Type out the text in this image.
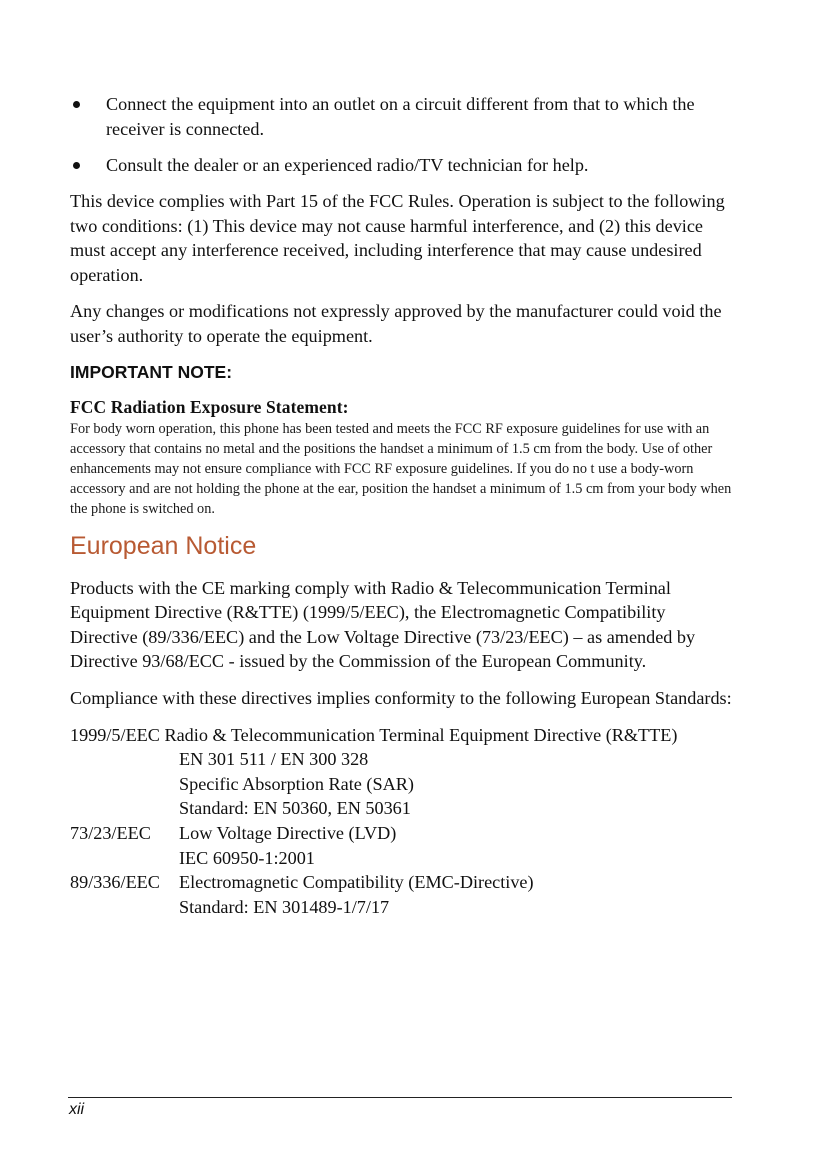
Connect the equipment into an outlet on a circuit different from that to which the receiver is connected.
Consult the dealer or an experienced radio/TV technician for help.

This device complies with Part 15 of the FCC Rules. Operation is subject to the following two conditions: (1) This device may not cause harmful interference, and (2) this device must accept any interference received, including interference that may cause undesired operation.

Any changes or modifications not expressly approved by the manufacturer could void the user’s authority to operate the equipment.

IMPORTANT NOTE:
FCC Radiation Exposure Statement:

For body worn operation, this phone has been tested and meets the FCC RF exposure guidelines for use with an accessory that contains no metal and the positions the handset a minimum of 1.5 cm from the body. Use of other enhancements may not ensure compliance with FCC RF exposure guidelines. If you do no t use a body-worn accessory and are not holding the phone at the ear, position the handset a minimum of 1.5 cm from your body when the phone is switched on.

European Notice

Products with the CE marking comply with Radio & Telecommunication Terminal Equipment Directive (R&TTE) (1999/5/EEC), the Electromagnetic Compatibility Directive (89/336/EEC) and the Low Voltage Directive (73/23/EEC) – as amended by Directive 93/68/ECC - issued by the Commission of the European Community.

Compliance with these directives implies conformity to the following European Standards:

1999/5/EEC Radio & Telecommunication Terminal Equipment Directive (R&TTE)
EN 301 511 / EN 300 328
Specific Absorption Rate (SAR)
Standard: EN 50360, EN 50361
73/23/EEC	Low Voltage Directive (LVD)
IEC 60950-1:2001
89/336/EEC	Electromagnetic Compatibility (EMC-Directive)
Standard: EN 301489-1/7/17
xii
